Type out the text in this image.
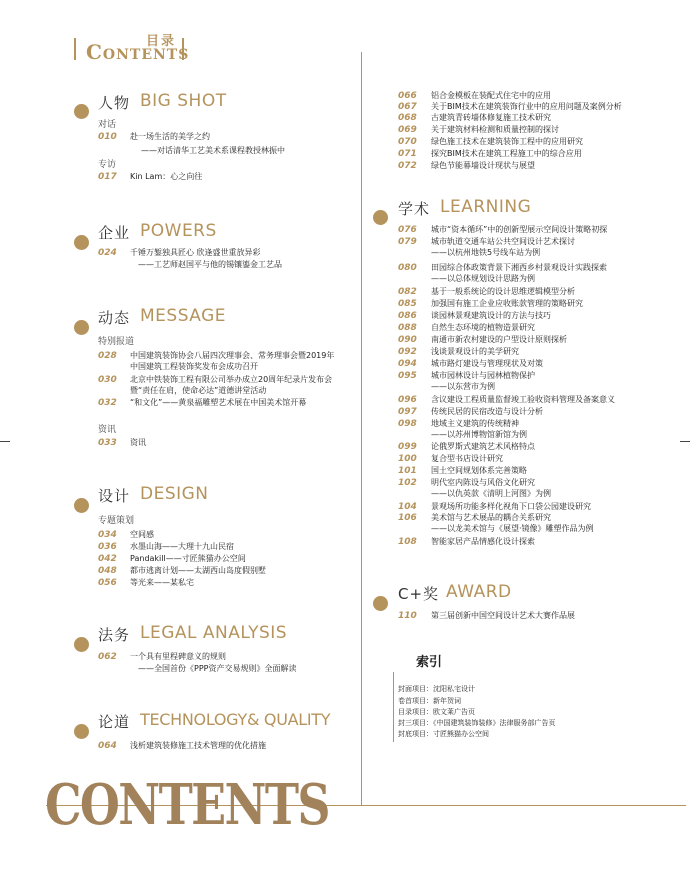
目录
CONTENTS
人物 BIG SHOT
对话
010 赴一场生活的美学之约
——对话清华工艺美术系课程教授林振中
专访
017 Kin Lam：心之向往
企业 POWERS
024 千锤万錾独具匠心 欣逢盛世重放异彩
——工艺师赵国平与他的锡镶鎏金工艺品
动态 MESSAGE
特别报道
028 中国建筑装饰协会八届四次理事会、常务理事会暨2019年
中国建筑工程装饰奖发布会成功召开
030 北京中铁装饰工程有限公司举办成立20周年纪录片发布会
暨“责任在肩，使命必达”道德讲堂活动
032 “和文化”——黄泉福雕塑艺术展在中国美术馆开幕
资讯
033 资讯
设计 DESIGN
专题策划
034 空间感
036 水墨山海——大理十九山民宿
042 Pandakill——寸匠熊猫办公空间
048 都市逃离计划——太湖西山岛度假别墅
056 等光来——某私宅
法务 LEGAL ANALYSIS
062 一个具有里程碑意义的规则
——全国首份《PPP资产交易规则》全面解读
论道 TECHNOLOGY& QUALITY
064 浅析建筑装修施工技术管理的优化措施
066 铝合金模板在装配式住宅中的应用
067 关于BIM技术在建筑装饰行业中的应用问题及案例分析
068 古建筑青砖墙体修复施工技术研究
069 关于建筑材料检测和质量控制的探讨
070 绿色施工技术在建筑装饰工程中的应用研究
071 探究BIM技术在建筑工程施工中的综合应用
072 绿色节能幕墙设计现状与展望
学术 LEARNING
076 城市“资本循环”中的创新型展示空间设计策略初探
079 城市轨道交通车站公共空间设计艺术探讨
——以杭州地铁5号线车站为例
080 田园综合体政策背景下湘西乡村景观设计实践探索
——以总体规划设计思路为例
082 基于一般系统论的设计思维逻辑模型分析
085 加强国有施工企业应收账款管理的策略研究
086 谈园林景观建筑设计的方法与技巧
088 自然生态环境的植物造景研究
090 南通市新农村建设的户型设计原则探析
092 浅谈景观设计的美学研究
094 城市路灯建设与管理现状及对策
095 城市园林设计与园林植物保护
——以东营市为例
096 含议建设工程质量监督竣工验收资料管理及备案意义
097 传统民居的民宿改造与设计分析
098 地域主义建筑的传统精神
——以苏州博物馆新馆为例
099 论俄罗斯式建筑艺术风格特点
100 复合型书店设计研究
101 国土空间规划体系完善策略
102 明代室内陈设与风俗文化研究
——以仇英款《清明上河图》为例
104 景观场所功能多样化视角下口袋公园建设研究
106 美术馆与艺术展品的耦合关系研究
——以龙美术馆与《展望·镜像》雕塑作品为例
108 智能家居产品情感化设计探索
C+奖 AWARD
110 第三届创新中国空间设计艺术大赛作品展
索引
封面项目：沈阳私宅设计
卷首项目：新年贺词
目录项目：欧文莱广告页
封三项目：《中国建筑装饰装修》法律服务部广告页
封底项目：寸匠熊猫办公空间
CONTENTS
